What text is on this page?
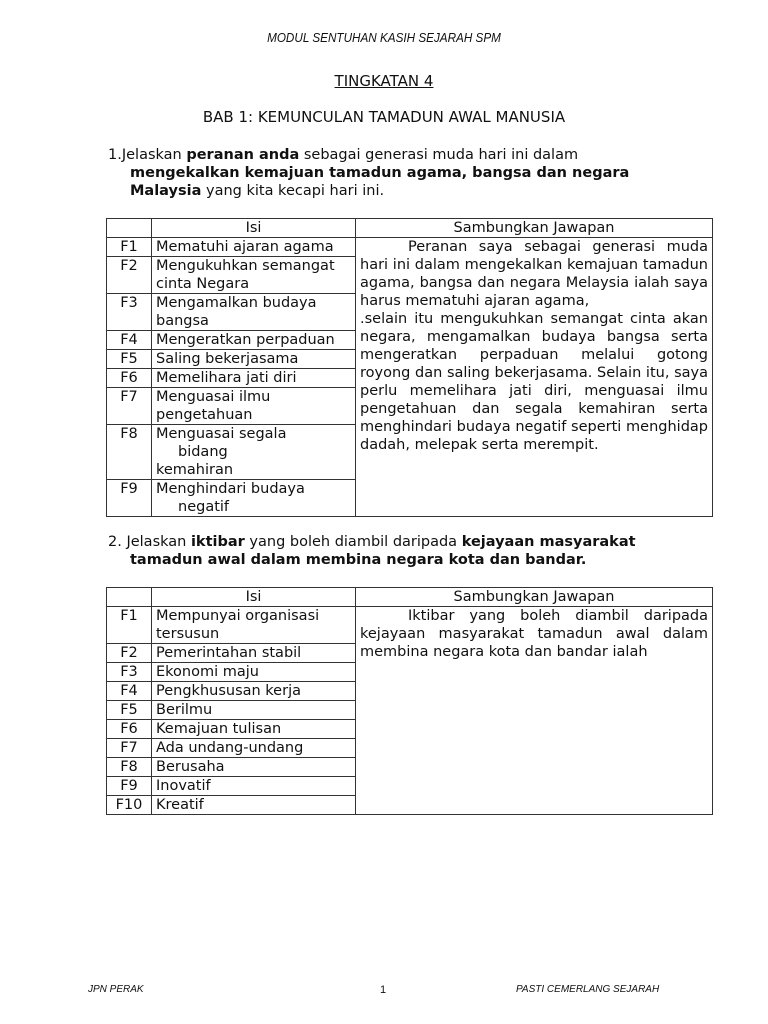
MODUL SENTUHAN KASIH SEJARAH SPM
TINGKATAN 4
BAB 1: KEMUNCULAN TAMADUN AWAL MANUSIA
1.Jelaskan peranan anda sebagai generasi muda hari ini dalam
mengekalkan kemajuan tamadun agama, bangsa dan negara
Malaysia yang kita kecapi hari ini.
	Isi	Sambungkan Jawapan
F1	Mematuhi ajaran agama	Peranan saya sebagai generasi muda hari ini dalam mengekalkan kemajuan tamadun agama, bangsa dan negara Melaysia ialah saya harus mematuhi ajaran agama,
.selain itu mengukuhkan semangat cinta akan negara, mengamalkan budaya bangsa serta mengeratkan perpaduan melalui gotong royong dan saling bekerjasama. Selain itu, saya perlu memelihara jati diri, menguasai ilmu pengetahuan dan segala kemahiran serta menghindari budaya negatif seperti menghidap dadah, melepak serta merempit.
F2	Mengukuhkan semangat cinta Negara	
F3	Mengamalkan budaya bangsa	
F4	Mengeratkan perpaduan	
F5	Saling bekerjasama	
F6	Memelihara jati diri	
F7	Menguasai ilmu pengetahuan	
F8	Menguasai segala
bidang
kemahiran	
F9	Menghindari budaya
negatif	
2. Jelaskan iktibar yang boleh diambil daripada kejayaan masyarakat
tamadun awal dalam membina negara kota dan bandar.
	Isi	Sambungkan Jawapan
F1	Mempunyai organisasi tersusun	Iktibar yang boleh diambil daripada kejayaan masyarakat tamadun awal dalam membina negara kota dan bandar ialah
F2	Pemerintahan stabil	
F3	Ekonomi maju	
F4	Pengkhususan kerja	
F5	Berilmu	
F6	Kemajuan tulisan	
F7	Ada undang-undang	
F8	Berusaha	
F9	Inovatif	
F10	Kreatif	
JPN PERAK	1	PASTI CEMERLANG SEJARAH
